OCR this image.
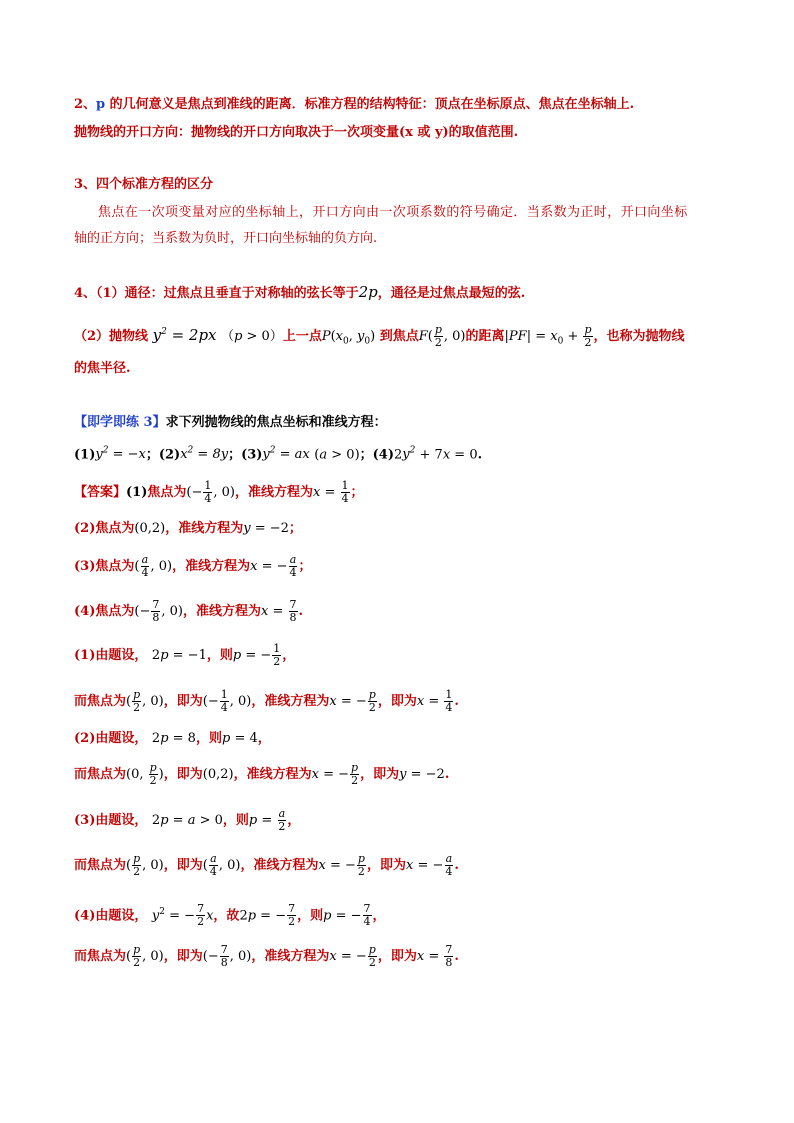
2、p 的几何意义是焦点到准线的距离．标准方程的结构特征：顶点在坐标原点、焦点在坐标轴上.
抛物线的开口方向：抛物线的开口方向取决于一次项变量(x 或 y)的取值范围.
3、四个标准方程的区分
焦点在一次项变量对应的坐标轴上，开口方向由一次项系数的符号确定．当系数为正时，开口向坐标
轴的正方向；当系数为负时，开口向坐标轴的负方向.
4、（1）通径：过焦点且垂直于对称轴的弦长等于2p，通径是过焦点最短的弦.
（2）抛物线 $y^2 = 2px$ （p > 0）上一点$P(x_0$, $y_0$) 到焦点$F( \frac{p}{2}$ , 0)的距离$|PF| = x_0 + \frac{p}{2}$ ，也称为抛物线
的焦半径.
【即学即练 3】求下列抛物线的焦点坐标和准线方程：
$(1)y^2 = -x$；$(2)x^2 = 8y$；$(3)y^2$ = ax (a > 0)；$(4)2y^2 + 7x = 0$.
【答案】(1)焦点为(− $\frac{1}{4}$ , 0)，准线方程为$x = \frac{1}{4}$ ；
(2)焦点为(0,2)，准线方程为y = −2；
(3)焦点为( $\frac{a}{4}$ , 0)，准线方程为x = − $\frac{a}{4}$ ；
(4)焦点为(− $\frac{7}{8}$ , 0)，准线方程为$x = \frac{7}{8}$ .
(1)由题设， 2p = −1，则p = − $\frac{1}{2}$ ，
而焦点为( $\frac{p}{2}$ , 0)，即为(− $\frac{1}{4}$ , 0)，准线方程为x = − $\frac{p}{2}$ ，即为$x = \frac{1}{4}$ .
(2)由题设， 2p = 8，则p = 4，
而焦点为(0, $\frac{p}{2}$ )，即为(0,2)，准线方程为x = − $\frac{p}{2}$ ，即为y = −2.
(3)由题设， 2p = a > 0，则$p = \frac{a}{2}$ ，
而焦点为( $\frac{p}{2}$ , 0)，即为( $\frac{a}{4}$ , 0)，准线方程为x = − $\frac{p}{2}$ ，即为x = − $\frac{a}{4}$ .
(4)由题设， $y^2$ = − $\frac{7}{2}$ x，故2p = − $\frac{7}{2}$ ，则p = − $\frac{7}{4}$ ，
而焦点为( $\frac{p}{2}$ , 0)，即为(− $\frac{7}{8}$ , 0)，准线方程为x = − $\frac{p}{2}$ ，即为$x = \frac{7}{8}$ .
